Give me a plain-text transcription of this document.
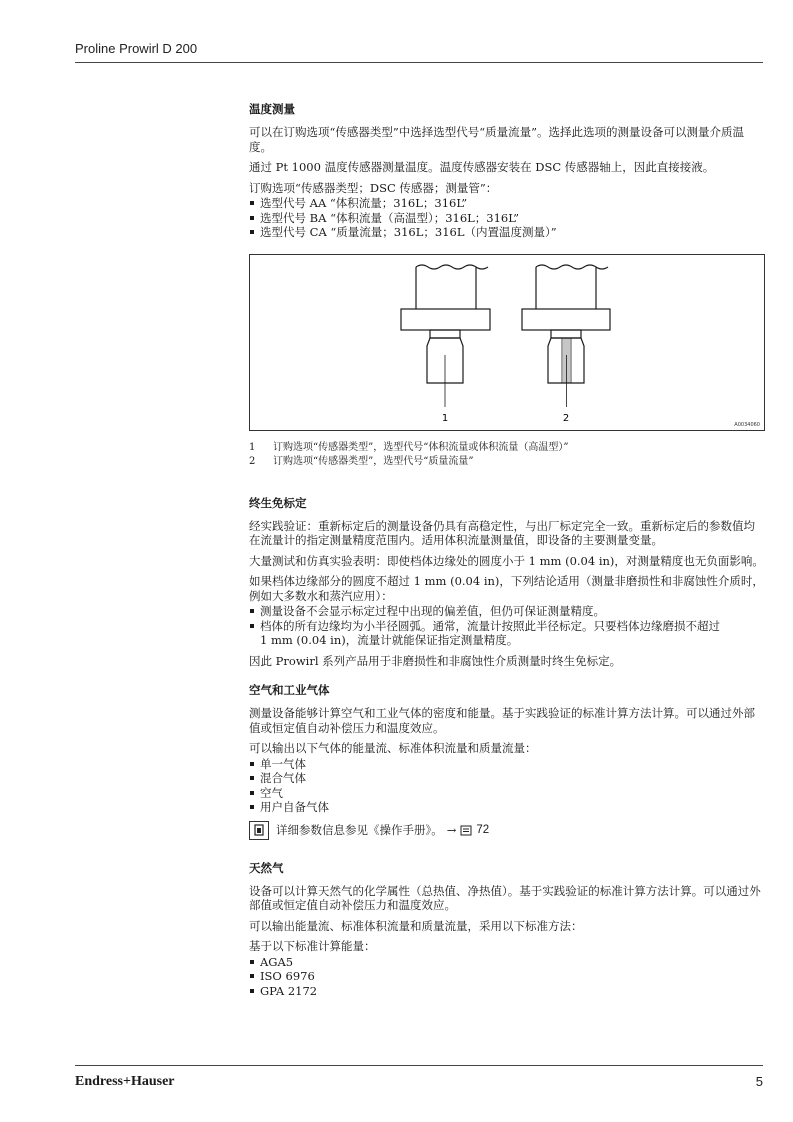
Proline Prowirl D 200
温度测量
可以在订购选项“传感器类型”中选择选型代号“质量流量”。选择此选项的测量设备可以测量介质温度。
通过 Pt 1000 温度传感器测量温度。温度传感器安装在 DSC 传感器轴上，因此直接接液。
订购选项“传感器类型；DSC 传感器；测量管”：
选型代号 AA “体积流量；316L；316L”
选型代号 BA “体积流量（高温型）；316L；316L”
选型代号 CA “质量流量；316L；316L（内置温度测量）”
1	2
A0034060
1	订购选项“传感器类型”，选型代号“体积流量或体积流量（高温型）”
2	订购选项“传感器类型”，选型代号“质量流量”
终生免标定
经实践验证：重新标定后的测量设备仍具有高稳定性，与出厂标定完全一致。重新标定后的参数值均在流量计的指定测量精度范围内。适用体积流量测量值，即设备的主要测量变量。
大量测试和仿真实验表明：即使档体边缘处的圆度小于 1 mm (0.04 in)，对测量精度也无负面影响。
如果档体边缘部分的圆度不超过 1 mm (0.04 in)，下列结论适用（测量非磨损性和非腐蚀性介质时，例如大多数水和蒸汽应用）：
测量设备不会显示标定过程中出现的偏差值，但仍可保证测量精度。
档体的所有边缘均为小半径圆弧。通常，流量计按照此半径标定。只要档体边缘磨损不超过
1 mm (0.04 in)，流量计就能保证指定测量精度。
因此 Prowirl 系列产品用于非磨损性和非腐蚀性介质测量时终生免标定。
空气和工业气体
测量设备能够计算空气和工业气体的密度和能量。基于实践验证的标准计算方法计算。可以通过外部值或恒定值自动补偿压力和温度效应。
可以输出以下气体的能量流、标准体积流量和质量流量：
单一气体
混合气体
空气
用户自备气体
详细参数信息参见《操作手册》。 → 72
天然气
设备可以计算天然气的化学属性（总热值、净热值）。基于实践验证的标准计算方法计算。可以通过外部值或恒定值自动补偿压力和温度效应。
可以输出能量流、标准体积流量和质量流量，采用以下标准方法：
基于以下标准计算能量：
AGA5
ISO 6976
GPA 2172
Endress+Hauser	5
